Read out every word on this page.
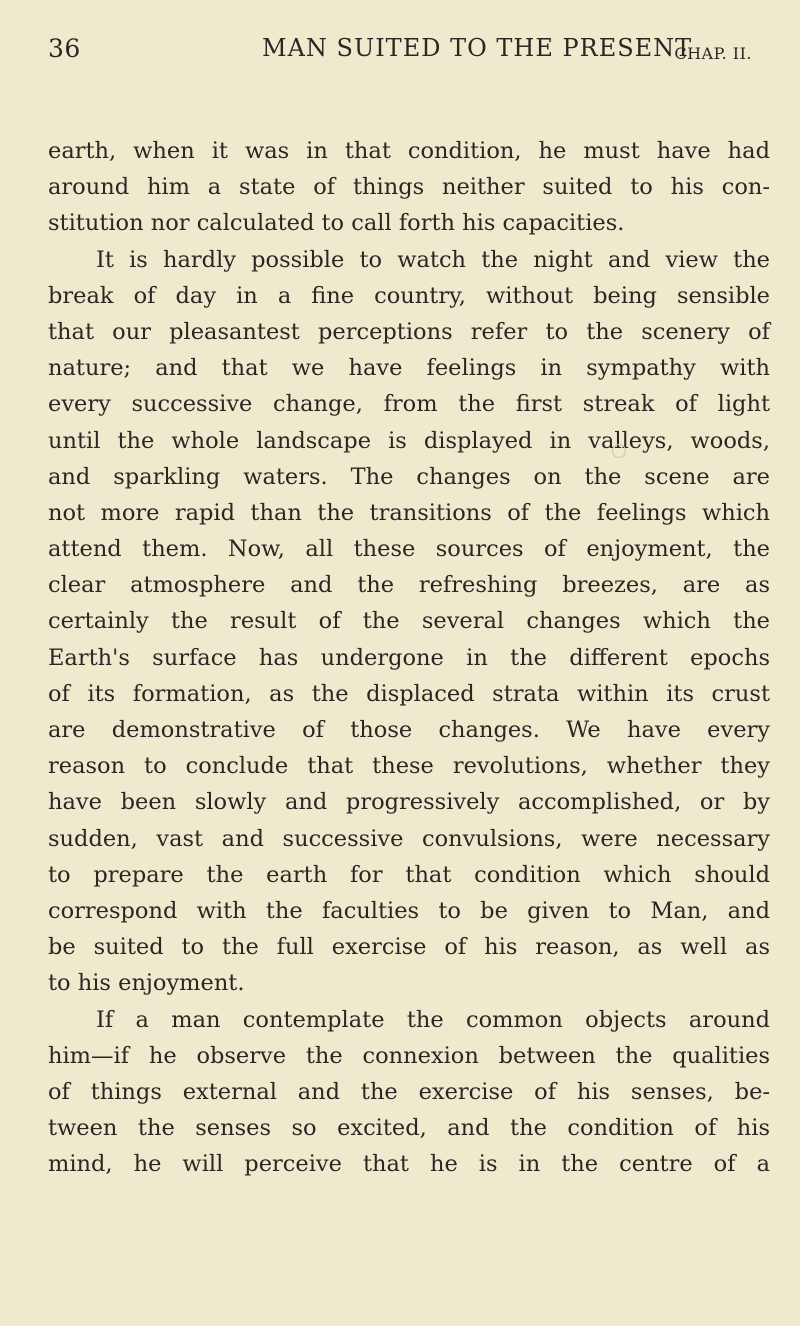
36	MAN SUITED TO THE PRESENT
CHAP. II.
earth, when it was in that condition, he must have had
around him a state of things neither suited to his con-
stitution nor calculated to call forth his capacities.
It is hardly possible to watch the night and view the
break of day in a fine country, without being sensible
that our pleasantest perceptions refer to the scenery of
nature; and that we have feelings in sympathy with
every successive change, from the first streak of light
until the whole landscape is displayed in valleys, woods,
and sparkling waters. The changes on the scene are
not more rapid than the transitions of the feelings which
attend them. Now, all these sources of enjoyment, the
clear atmosphere and the refreshing breezes, are as
certainly the result of the several changes which the
Earth's surface has undergone in the different epochs
of its formation, as the displaced strata within its crust
are demonstrative of those changes. We have every
reason to conclude that these revolutions, whether they
have been slowly and progressively accomplished, or by
sudden, vast and successive convulsions, were necessary
to prepare the earth for that condition which should
correspond with the faculties to be given to Man, and
be suited to the full exercise of his reason, as well as
to his enjoyment.
If a man contemplate the common objects around
him—if he observe the connexion between the qualities
of things external and the exercise of his senses, be-
tween the senses so excited, and the condition of his
mind, he will perceive that he is in the centre of a
